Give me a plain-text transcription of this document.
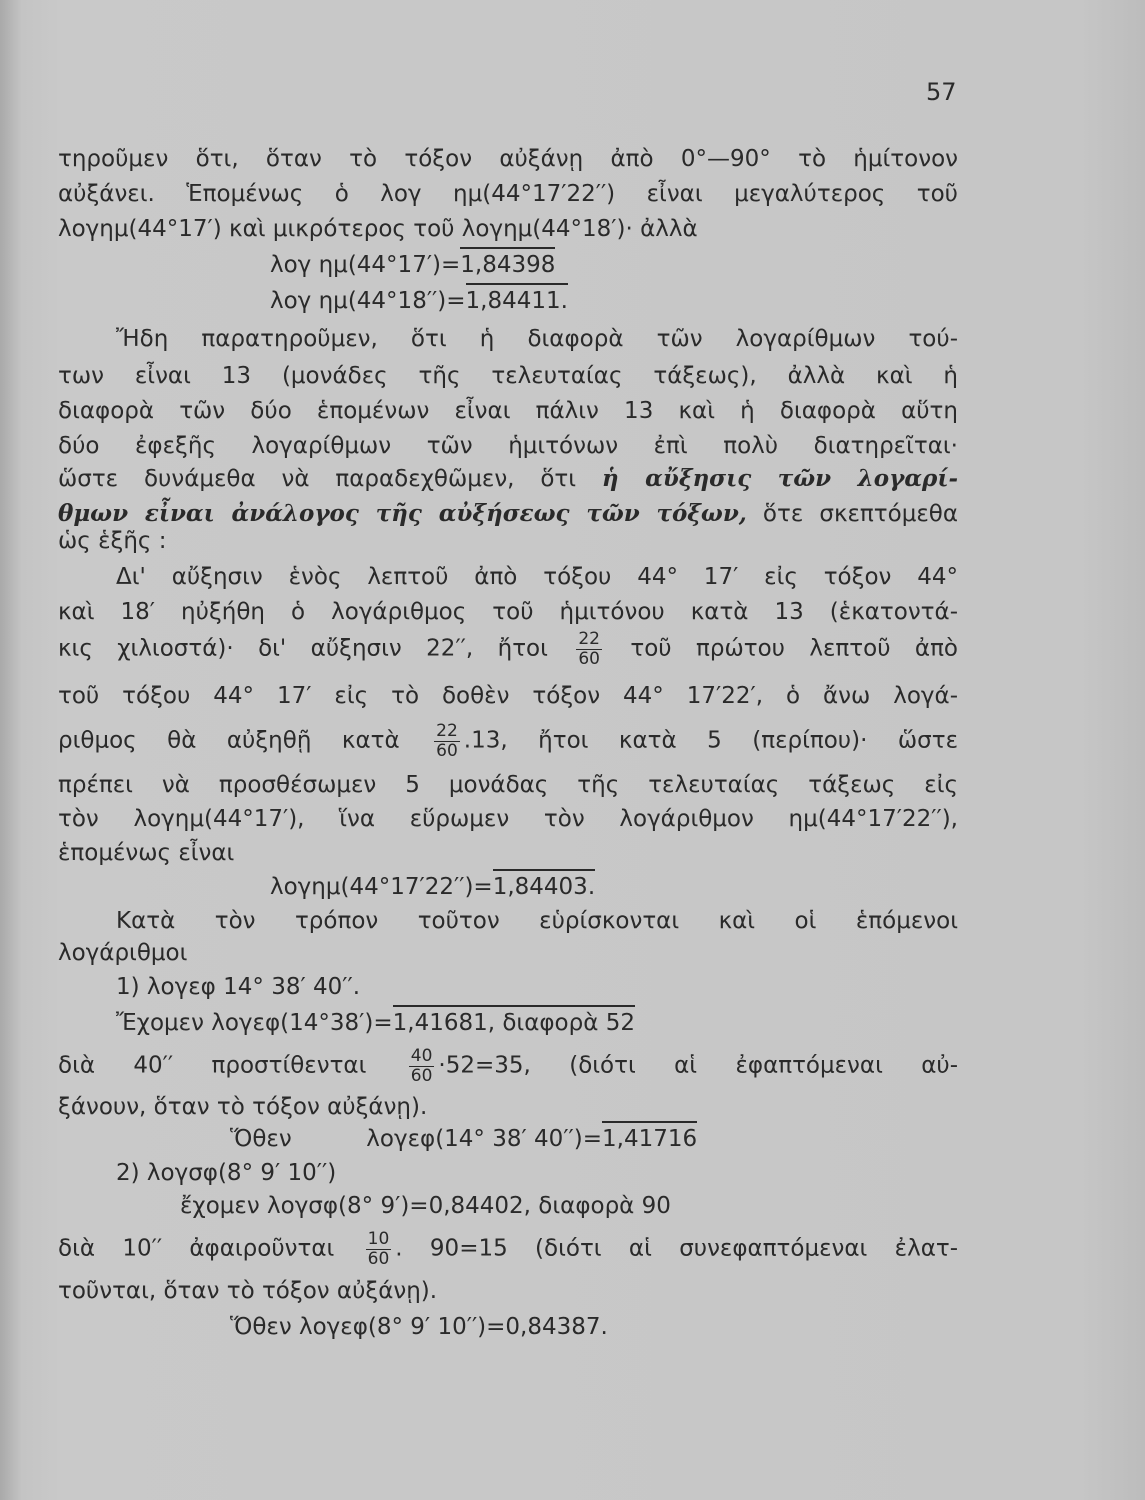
57
τηροῦμεν ὅτι, ὅταν τὸ τόξον αὐξάνῃ ἀπὸ 0°—90° τὸ ἡμίτονον
αὐξάνει. Ἑπομένως ὁ λογ ημ(44°17′22′′) εἶναι μεγαλύτερος τοῦ
λογημ(44°17′) καὶ μικρότερος τοῦ λογημ(44°18′)· ἀλλὰ
λογ ημ(44°17′)=1,84398
λογ ημ(44°18′′)=1,84411.
Ἤδη παρατηροῦμεν, ὅτι ἡ διαφορὰ τῶν λογαρίθμων τού-
των εἶναι 13 (μονάδες τῆς τελευταίας τάξεως), ἀλλὰ καὶ ἡ
διαφορὰ τῶν δύο ἑπομένων εἶναι πάλιν 13 καὶ ἡ διαφορὰ αὕτη
δύο ἐφεξῆς λογαρίθμων τῶν ἡμιτόνων ἐπὶ πολὺ διατηρεῖται·
ὥστε δυνάμεθα νὰ παραδεχθῶμεν, ὅτι ἡ αὔξησις τῶν λογαρί-
θμων εἶναι ἀνάλογος τῆς αὐξήσεως τῶν τόξων, ὅτε σκεπτόμεθα
ὡς ἑξῆς :
Δι' αὔξησιν ἑνὸς λεπτοῦ ἀπὸ τόξου 44° 17′ εἰς τόξον 44°
καὶ 18′ ηὐξήθη ὁ λογάριθμος τοῦ ἡμιτόνου κατὰ 13 (ἑκατοντά-
κις χιλιοστά)· δι' αὔξησιν 22′′, ἤτοι $\frac{22}{60}$ τοῦ πρώτου λεπτοῦ ἀπὸ
τοῦ τόξου 44° 17′ εἰς τὸ δοθὲν τόξον 44° 17′22′, ὁ ἄνω λογά-
ριθμος θὰ αὐξηθῇ κατὰ $\frac{22}{60} .13$, ἤτοι κατὰ 5 (περίπου)· ὥστε
πρέπει νὰ προσθέσωμεν 5 μονάδας τῆς τελευταίας τάξεως εἰς
τὸν λογημ(44°17′), ἵνα εὕρωμεν τὸν λογάριθμον ημ(44°17′22′′),
ἑπομένως εἶναι
λογημ(44°17′22′′)=1,84403.
Κατὰ τὸν τρόπον τοῦτον εὑρίσκονται καὶ οἱ ἑπόμενοι
λογάριθμοι
1) λογεφ 14° 38′ 40′′.
Ἔχομεν λογεφ(14°38′)=1,41681, διαφορὰ 52
διὰ 40′′ προστίθενται $\frac{40}{60} \cdot 52=35$, (διότι αἱ ἐφαπτόμεναι αὐ-
ξάνουν, ὅταν τὸ τόξον αὐξάνῃ).
Ὅθεν	λογεφ(14° 38′ 40′′)=1,41716
2) λογσφ(8° 9′ 10′′)
ἔχομεν λογσφ(8° 9′)=0,84402, διαφορὰ 90
διὰ 10′′ ἀφαιροῦνται $\frac{10}{60}$ . 90=15 (διότι αἱ συνεφαπτόμεναι ἐλατ-
τοῦνται, ὅταν τὸ τόξον αὐξάνῃ).
Ὅθεν λογεφ(8° 9′ 10′′)=0,84387.
